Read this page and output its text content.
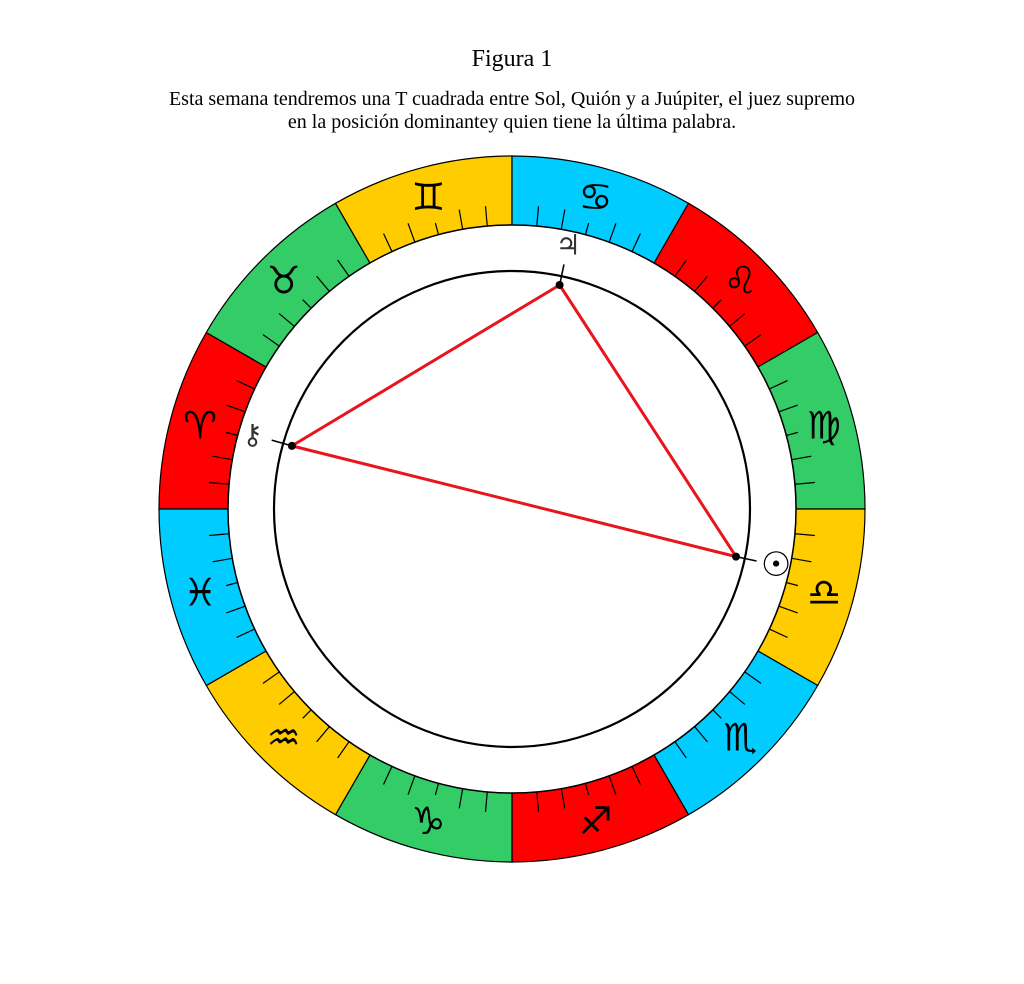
Figura 1
Esta semana tendremos una T cuadrada entre Sol, Quión y a Juúpiter, el juez supremo
en la posición dominantey quien tiene la última palabra.
☉
⚷
♃
♈
♉
♊	♋
♌
♍
♎
♏
♐
♑
♒
♓
